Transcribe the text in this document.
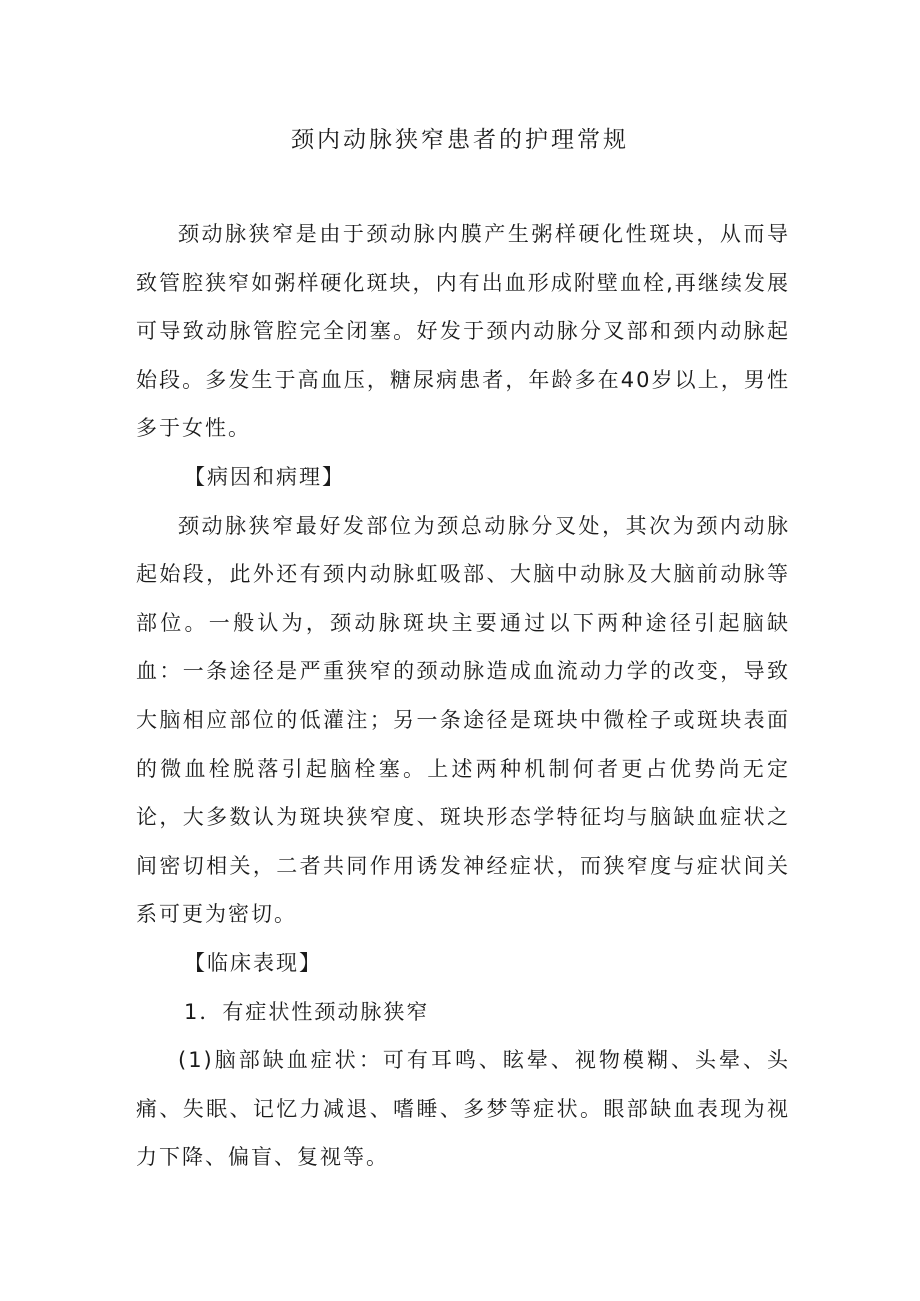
颈内动脉狭窄患者的护理常规

颈动脉狭窄是由于颈动脉内膜产生粥样硬化性斑块，从而导致管腔狭窄如粥样硬化斑块，内有出血形成附壁血栓,再继续发展可导致动脉管腔完全闭塞。好发于颈内动脉分叉部和颈内动脉起始段。多发生于高血压，糖尿病患者，年龄多在40岁以上，男性多于女性。

【病因和病理】

颈动脉狭窄最好发部位为颈总动脉分叉处，其次为颈内动脉起始段，此外还有颈内动脉虹吸部、大脑中动脉及大脑前动脉等部位。一般认为，颈动脉斑块主要通过以下两种途径引起脑缺血：一条途径是严重狭窄的颈动脉造成血流动力学的改变，导致大脑相应部位的低灌注；另一条途径是斑块中微栓子或斑块表面的微血栓脱落引起脑栓塞。上述两种机制何者更占优势尚无定论，大多数认为斑块狭窄度、斑块形态学特征均与脑缺血症状之间密切相关，二者共同作用诱发神经症状，而狭窄度与症状间关系可更为密切。

【临床表现】

1．有症状性颈动脉狭窄

(1)脑部缺血症状：可有耳鸣、眩晕、视物模糊、头晕、头痛、失眠、记忆力减退、嗜睡、多梦等症状。眼部缺血表现为视力下降、偏盲、复视等。
